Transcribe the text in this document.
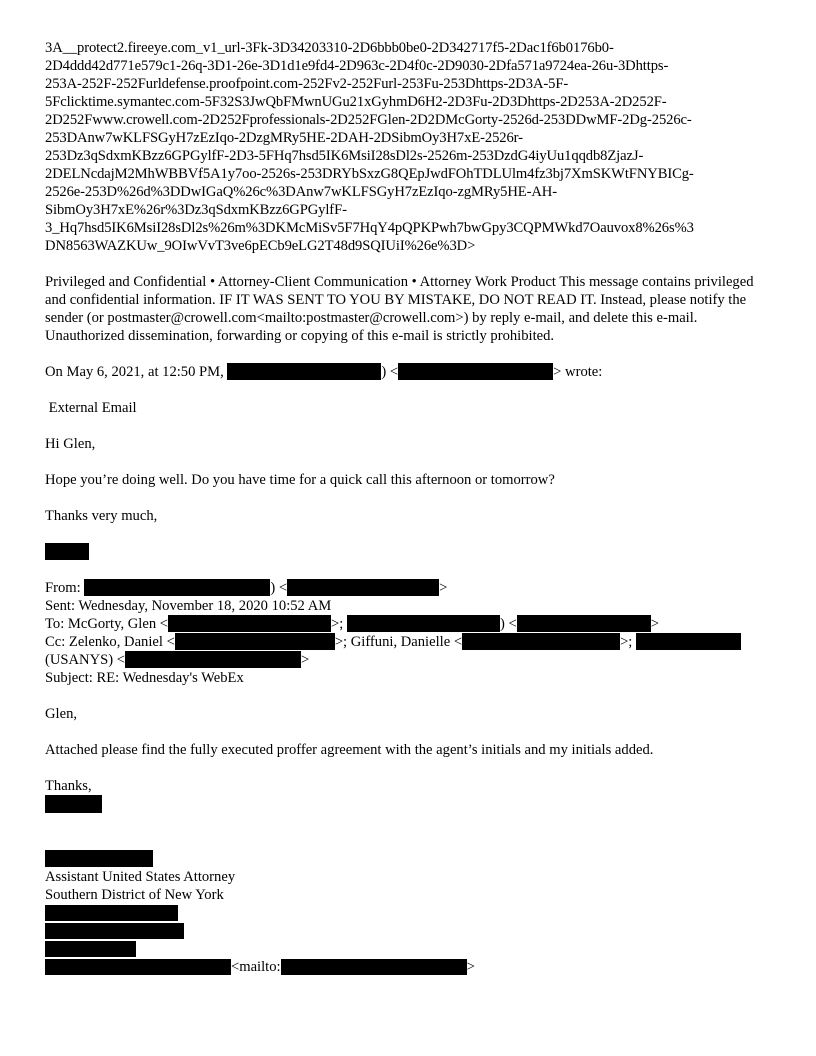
3A__protect2.fireeye.com_v1_url-3Fk-3D34203310-2D6bbb0be0-2D342717f5-2Dac1f6b0176b0-
2D4ddd42d771e579c1-26q-3D1-26e-3D1d1e9fd4-2D963c-2D4f0c-2D9030-2Dfa571a9724ea-26u-3Dhttps-
253A-252F-252Furldefense.proofpoint.com-252Fv2-252Furl-253Fu-253Dhttps-2D3A-5F-
5Fclicktime.symantec.com-5F32S3JwQbFMwnUGu21xGyhmD6H2-2D3Fu-2D3Dhttps-2D253A-2D252F-
2D252Fwww.crowell.com-2D252Fprofessionals-2D252FGlen-2D2DMcGorty-2526d-253DDwMF-2Dg-2526c-
253DAnw7wKLFSGyH7zEzIqo-2DzgMRy5HE-2DAH-2DSibmOy3H7xE-2526r-
253Dz3qSdxmKBzz6GPGylfF-2D3-5FHq7hsd5IK6MsiI28sDl2s-2526m-253DzdG4iyUu1qqdb8ZjazJ-
2DELNcdajM2MhWBBVf5A1y7oo-2526s-253DRYbSxzG8QEpJwdFOhTDLUlm4fz3bj7XmSKWtFNYBICg-
2526e-253D%26d%3DDwIGaQ%26c%3DAnw7wKLFSGyH7zEzIqo-zgMRy5HE-AH-
SibmOy3H7xE%26r%3Dz3qSdxmKBzz6GPGylfF-
3_Hq7hsd5IK6MsiI28sDl2s%26m%3DKMcMiSv5F7HqY4pQPKPwh7bwGpy3CQPMWkd7Oauvox8%26s%3
DN8563WAZKUw_9OIwVvT3ve6pECb9eLG2T48d9SQIUiI%26e%3D>

Privileged and Confidential • Attorney-Client Communication • Attorney Work Product This message contains privileged and confidential information. IF IT WAS SENT TO YOU BY MISTAKE, DO NOT READ IT. Instead, please notify the sender (or postmaster@crowell.com<mailto:postmaster@crowell.com>) by reply e-mail, and delete this e-mail. Unauthorized dissemination, forwarding or copying of this e-mail is strictly prohibited.

On May 6, 2021, at 12:50 PM,	) <	> wrote:

External Email

Hi Glen,

Hope you’re doing well. Do you have time for a quick call this afternoon or tomorrow?

Thanks very much,

From:	) <	>
Sent: Wednesday, November 18, 2020 10:52 AM
To: McGorty, Glen <	>;	) <	>
Cc: Zelenko, Daniel <	>; Giffuni, Danielle <	>;
(USANYS) <	>
Subject: RE: Wednesday's WebEx

Glen,

Attached please find the fully executed proffer agreement with the agent’s initials and my initials added.

Thanks,

Assistant United States Attorney
Southern District of New York
<mailto:	>
